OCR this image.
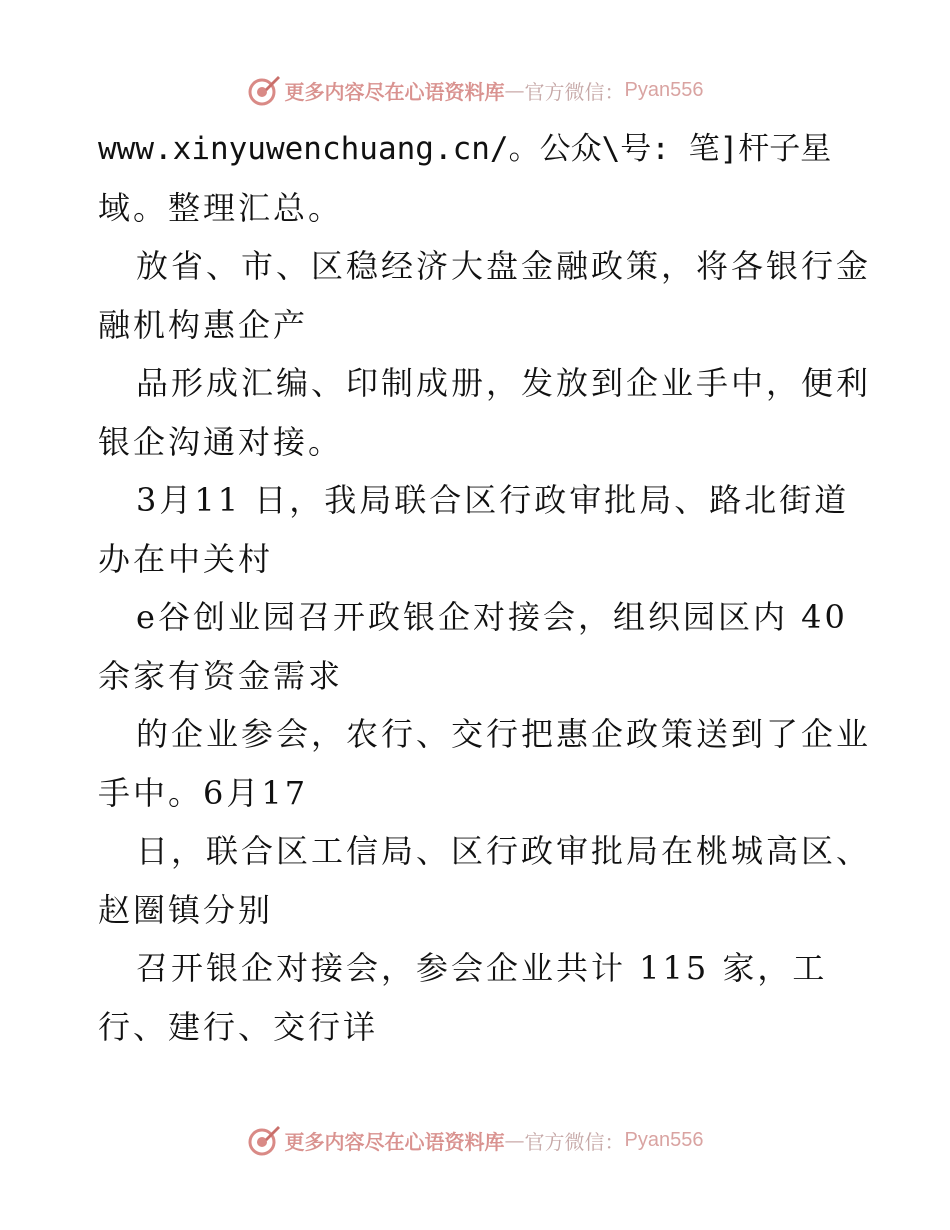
更多内容尽在心语资料库 — 官方微信： Pyan556
www.xinyuwenchuang.cn/。公众\号: 笔]杆子星
域。整理汇总。
放省、市、区稳经济大盘金融政策，将各银行金
融机构惠企产
品形成汇编、印制成册，发放到企业手中，便利
银企沟通对接。
3月11 日，我局联合区行政审批局、路北街道
办在中关村
e谷创业园召开政银企对接会，组织园区内 40
余家有资金需求
的企业参会，农行、交行把惠企政策送到了企业
手中。6月17
日，联合区工信局、区行政审批局在桃城高区、
赵圈镇分别
召开银企对接会，参会企业共计 115 家，工
行、建行、交行详
更多内容尽在心语资料库 — 官方微信： Pyan556
